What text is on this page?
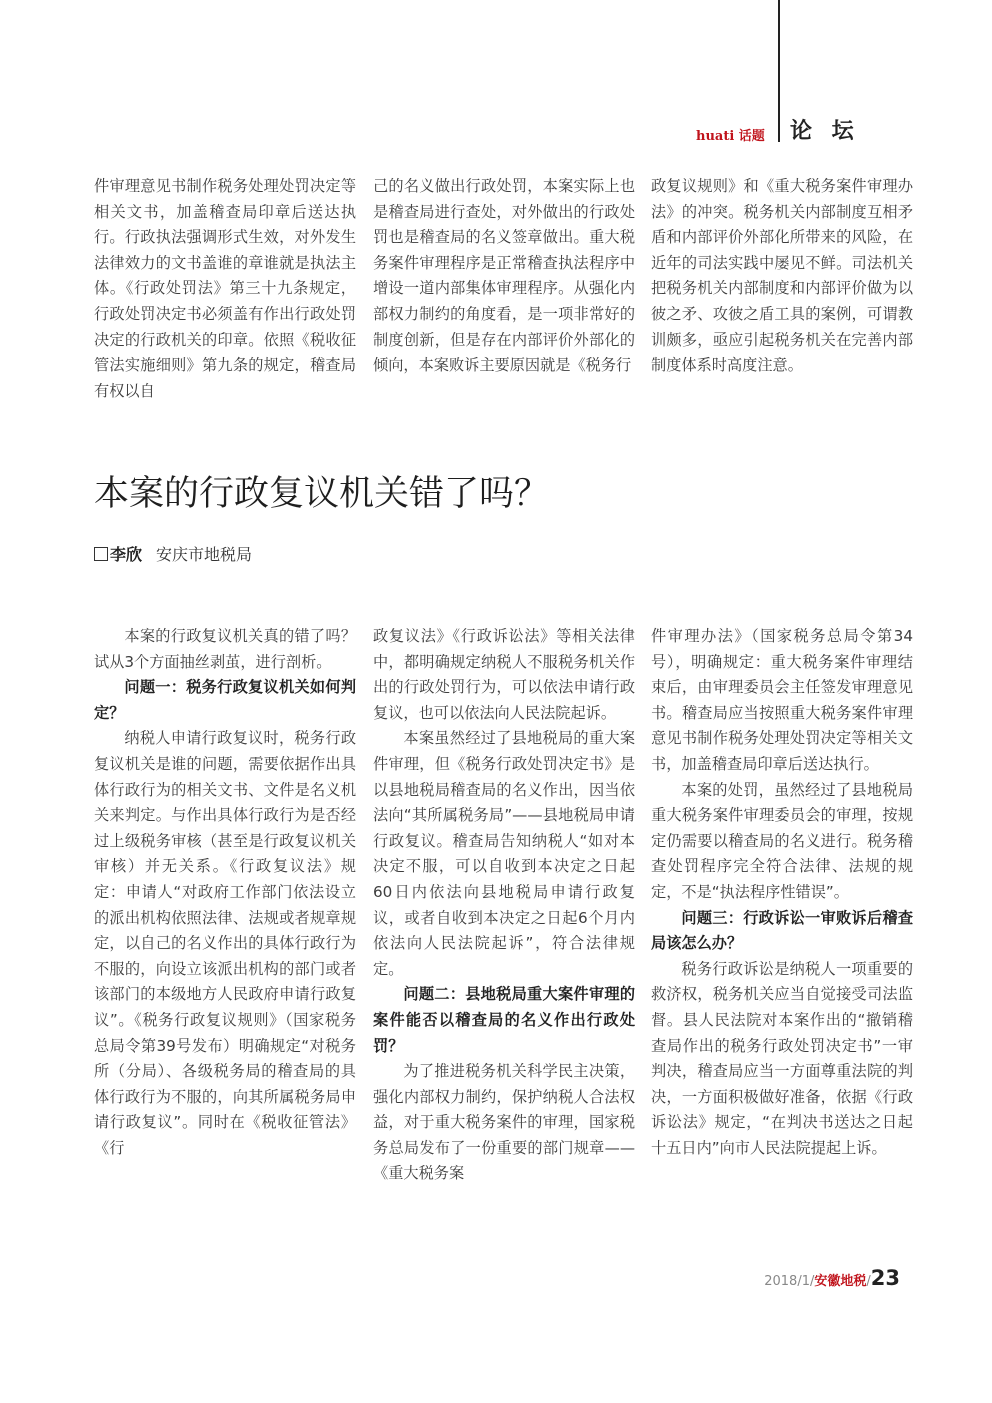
huati 话题 论 坛

件审理意见书制作税务处理处罚决定等相关文书，加盖稽查局印章后送达执行。行政执法强调形式生效，对外发生法律效力的文书盖谁的章谁就是执法主体。《行政处罚法》第三十九条规定，行政处罚决定书必须盖有作出行政处罚决定的行政机关的印章。依照《税收征管法实施细则》第九条的规定，稽查局有权以自

己的名义做出行政处罚，本案实际上也是稽查局进行查处，对外做出的行政处罚也是稽查局的名义签章做出。重大税务案件审理程序是正常稽查执法程序中增设一道内部集体审理程序。从强化内部权力制约的角度看，是一项非常好的制度创新，但是存在内部评价外部化的倾向，本案败诉主要原因就是《税务行

政复议规则》和《重大税务案件审理办法》的冲突。税务机关内部制度互相矛盾和内部评价外部化所带来的风险，在近年的司法实践中屡见不鲜。司法机关把税务机关内部制度和内部评价做为以彼之矛、攻彼之盾工具的案例，可谓教训颇多，亟应引起税务机关在完善内部制度体系时高度注意。

本案的行政复议机关错了吗？
李欣 安庆市地税局

本案的行政复议机关真的错了吗？试从3个方面抽丝剥茧，进行剖析。

问题一：税务行政复议机关如何判定？

纳税人申请行政复议时，税务行政复议机关是谁的问题，需要依据作出具体行政行为的相关文书、文件是名义机关来判定。与作出具体行政行为是否经过上级税务审核（甚至是行政复议机关审核）并无关系。《行政复议法》规定：申请人“对政府工作部门依法设立的派出机构依照法律、法规或者规章规定，以自己的名义作出的具体行政行为不服的，向设立该派出机构的部门或者该部门的本级地方人民政府申请行政复议”。《税务行政复议规则》（国家税务总局令第39号发布）明确规定“对税务所（分局）、各级税务局的稽查局的具体行政行为不服的，向其所属税务局申请行政复议”。同时在《税收征管法》《行

政复议法》《行政诉讼法》等相关法律中，都明确规定纳税人不服税务机关作出的行政处罚行为，可以依法申请行政复议，也可以依法向人民法院起诉。

本案虽然经过了县地税局的重大案件审理，但《税务行政处罚决定书》是以县地税局稽查局的名义作出，因当依法向“其所属税务局”——县地税局申请行政复议。稽查局告知纳税人“如对本决定不服，可以自收到本决定之日起60日内依法向县地税局申请行政复议，或者自收到本决定之日起6个月内依法向人民法院起诉”，符合法律规定。

问题二：县地税局重大案件审理的案件能否以稽查局的名义作出行政处罚？

为了推进税务机关科学民主决策，强化内部权力制约，保护纳税人合法权益，对于重大税务案件的审理，国家税务总局发布了一份重要的部门规章——《重大税务案

件审理办法》（国家税务总局令第34号），明确规定：重大税务案件审理结束后，由审理委员会主任签发审理意见书。稽查局应当按照重大税务案件审理意见书制作税务处理处罚决定等相关文书，加盖稽查局印章后送达执行。

本案的处罚，虽然经过了县地税局重大税务案件审理委员会的审理，按规定仍需要以稽查局的名义进行。税务稽查处罚程序完全符合法律、法规的规定，不是“执法程序性错误”。

问题三：行政诉讼一审败诉后稽查局该怎么办？

税务行政诉讼是纳税人一项重要的救济权，税务机关应当自觉接受司法监督。县人民法院对本案作出的“撤销稽查局作出的税务行政处罚决定书”一审判决，稽查局应当一方面尊重法院的判决，一方面积极做好准备，依据《行政诉讼法》规定，“在判决书送达之日起十五日内”向市人民法院提起上诉。

2018/1/安徽地税/23
